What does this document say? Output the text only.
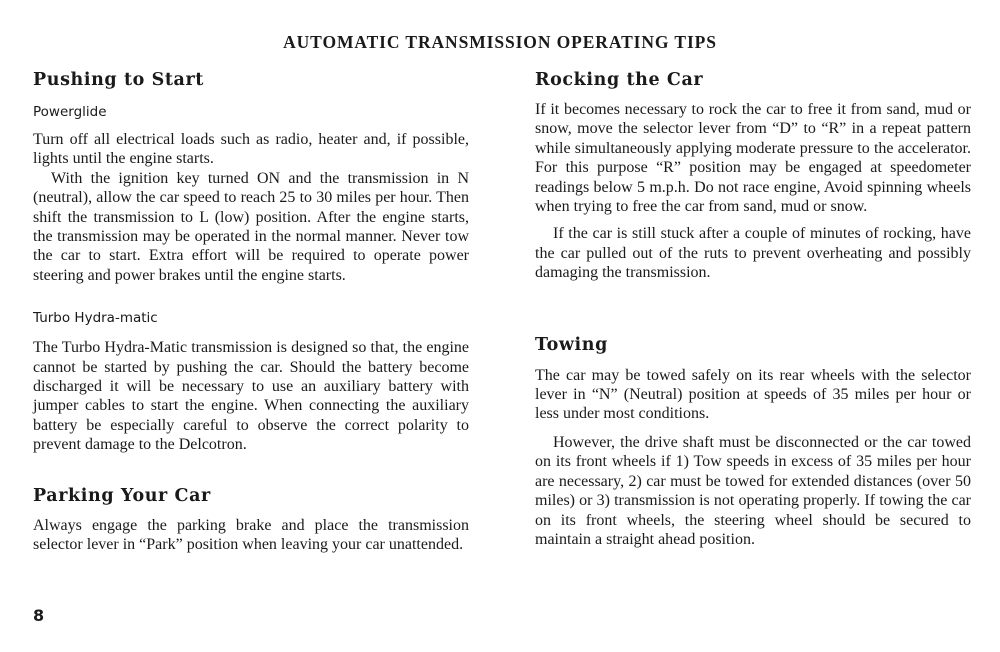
AUTOMATIC TRANSMISSION OPERATING TIPS
Pushing to Start
Powerglide

Turn off all electrical loads such as radio, heater and, if possible, lights until the engine starts.

With the ignition key turned ON and the transmission in N (neutral), allow the car speed to reach 25 to 30 miles per hour. Then shift the transmission to L (low) position. After the engine starts, the transmission may be operated in the normal manner. Never tow the car to start. Extra effort will be required to operate power steering and power brakes until the engine starts.

Turbo Hydra-matic

The Turbo Hydra-Matic transmission is designed so that, the engine cannot be started by pushing the car. Should the battery become discharged it will be necessary to use an auxiliary battery with jumper cables to start the engine. When connecting the auxiliary battery be especially careful to observe the correct polarity to prevent damage to the Delcotron.

Parking Your Car

Always engage the parking brake and place the transmission selector lever in “Park” position when leaving your car unattended.

Rocking the Car

If it becomes necessary to rock the car to free it from sand, mud or snow, move the selector lever from “D” to “R” in a repeat pattern while simultaneously applying moderate pressure to the accelerator. For this purpose “R” position may be engaged at speedometer readings below 5 m.p.h. Do not race engine, Avoid spinning wheels when trying to free the car from sand, mud or snow.

If the car is still stuck after a couple of minutes of rocking, have the car pulled out of the ruts to prevent overheating and possibly damaging the transmission.

Towing

The car may be towed safely on its rear wheels with the selector lever in “N” (Neutral) position at speeds of 35 miles per hour or less under most conditions.

However, the drive shaft must be disconnected or the car towed on its front wheels if 1) Tow speeds in excess of 35 miles per hour are necessary, 2) car must be towed for extended distances (over 50 miles) or 3) transmission is not operating properly. If towing the car on its front wheels, the steering wheel should be secured to maintain a straight ahead position.

8
